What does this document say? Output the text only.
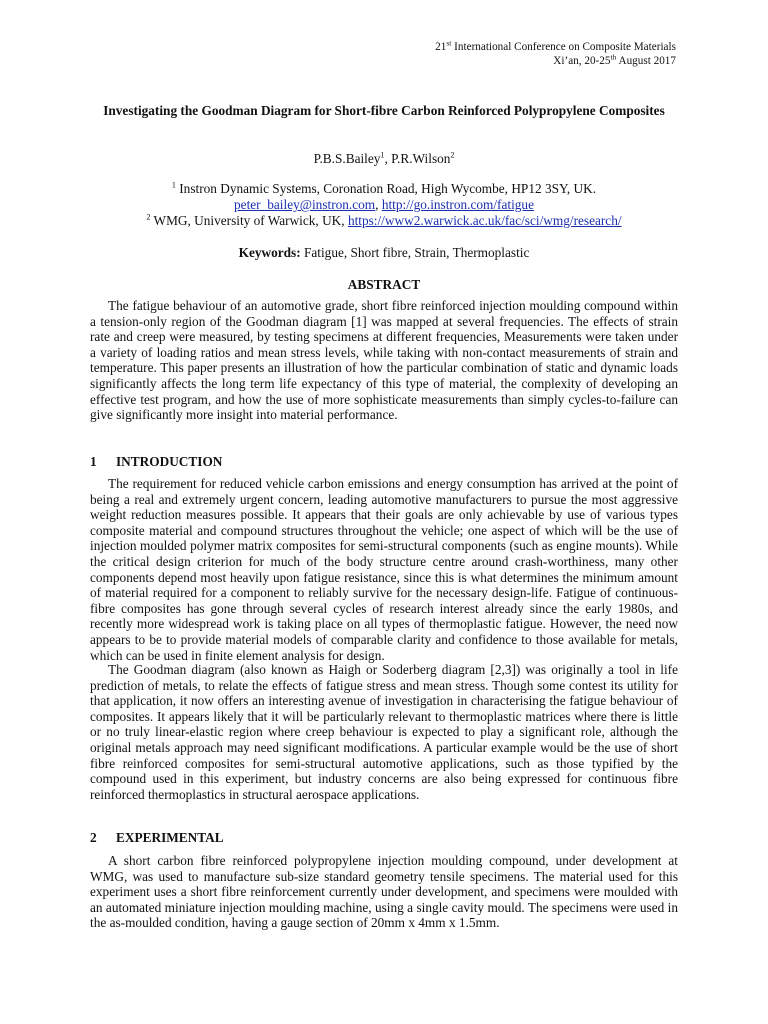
21st International Conference on Composite Materials
Xi’an, 20-25th August 2017
Investigating the Goodman Diagram for Short-fibre Carbon Reinforced Polypropylene Composites
P.B.S.Bailey$^1$, P.R.Wilson$^2$
$^1$ Instron Dynamic Systems, Coronation Road, High Wycombe, HP12 3SY, UK.
peter_bailey@instron.com, http://go.instron.com/fatigue
$^2$ WMG, University of Warwick, UK, https://www2.warwick.ac.uk/fac/sci/wmg/research/
Keywords: Fatigue, Short fibre, Strain, Thermoplastic
ABSTRACT

The fatigue behaviour of an automotive grade, short fibre reinforced injection moulding compound within a tension-only region of the Goodman diagram [1] was mapped at several frequencies. The effects of strain rate and creep were measured, by testing specimens at different frequencies, Measurements were taken under a variety of loading ratios and mean stress levels, while taking with non-contact measurements of strain and temperature. This paper presents an illustration of how the particular combination of static and dynamic loads significantly affects the long term life expectancy of this type of material, the complexity of developing an effective test program, and how the use of more sophisticate measurements than simply cycles-to-failure can give significantly more insight into material performance.

1 INTRODUCTION

The requirement for reduced vehicle carbon emissions and energy consumption has arrived at the point of being a real and extremely urgent concern, leading automotive manufacturers to pursue the most aggressive weight reduction measures possible. It appears that their goals are only achievable by use of various types composite material and compound structures throughout the vehicle; one aspect of which will be the use of injection moulded polymer matrix composites for semi-structural components (such as engine mounts). While the critical design criterion for much of the body structure centre around crash-worthiness, many other components depend most heavily upon fatigue resistance, since this is what determines the minimum amount of material required for a component to reliably survive for the necessary design-life. Fatigue of continuous-fibre composites has gone through several cycles of research interest already since the early 1980s, and recently more widespread work is taking place on all types of thermoplastic fatigue. However, the need now appears to be to provide material models of comparable clarity and confidence to those available for metals, which can be used in finite element analysis for design.

The Goodman diagram (also known as Haigh or Soderberg diagram [2,3]) was originally a tool in life prediction of metals, to relate the effects of fatigue stress and mean stress. Though some contest its utility for that application, it now offers an interesting avenue of investigation in characterising the fatigue behaviour of composites. It appears likely that it will be particularly relevant to thermoplastic matrices where there is little or no truly linear-elastic region where creep behaviour is expected to play a significant role, although the original metals approach may need significant modifications. A particular example would be the use of short fibre reinforced composites for semi-structural automotive applications, such as those typified by the compound used in this experiment, but industry concerns are also being expressed for continuous fibre reinforced thermoplastics in structural aerospace applications.

2 EXPERIMENTAL

A short carbon fibre reinforced polypropylene injection moulding compound, under development at WMG, was used to manufacture sub-size standard geometry tensile specimens. The material used for this experiment uses a short fibre reinforcement currently under development, and specimens were moulded with an automated miniature injection moulding machine, using a single cavity mould. The specimens were used in the as-moulded condition, having a gauge section of 20mm x 4mm x 1.5mm.
